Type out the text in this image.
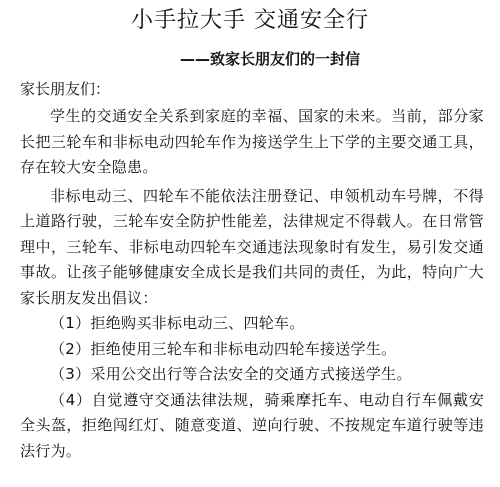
小手拉大手 交通安全行
——致家长朋友们的一封信

家长朋友们：

学生的交通安全关系到家庭的幸福、国家的未来。当前，部分家长把三轮车和非标电动四轮车作为接送学生上下学的主要交通工具，存在较大安全隐患。

非标电动三、四轮车不能依法注册登记、申领机动车号牌，不得上道路行驶，三轮车安全防护性能差，法律规定不得载人。在日常管理中，三轮车、非标电动四轮车交通违法现象时有发生，易引发交通事故。让孩子能够健康安全成长是我们共同的责任，为此，特向广大家长朋友发出倡议：

（1）拒绝购买非标电动三、四轮车。

（2）拒绝使用三轮车和非标电动四轮车接送学生。

（3）采用公交出行等合法安全的交通方式接送学生。

（4）自觉遵守交通法律法规，骑乘摩托车、电动自行车佩戴安全头盔，拒绝闯红灯、随意变道、逆向行驶、不按规定车道行驶等违法行为。
